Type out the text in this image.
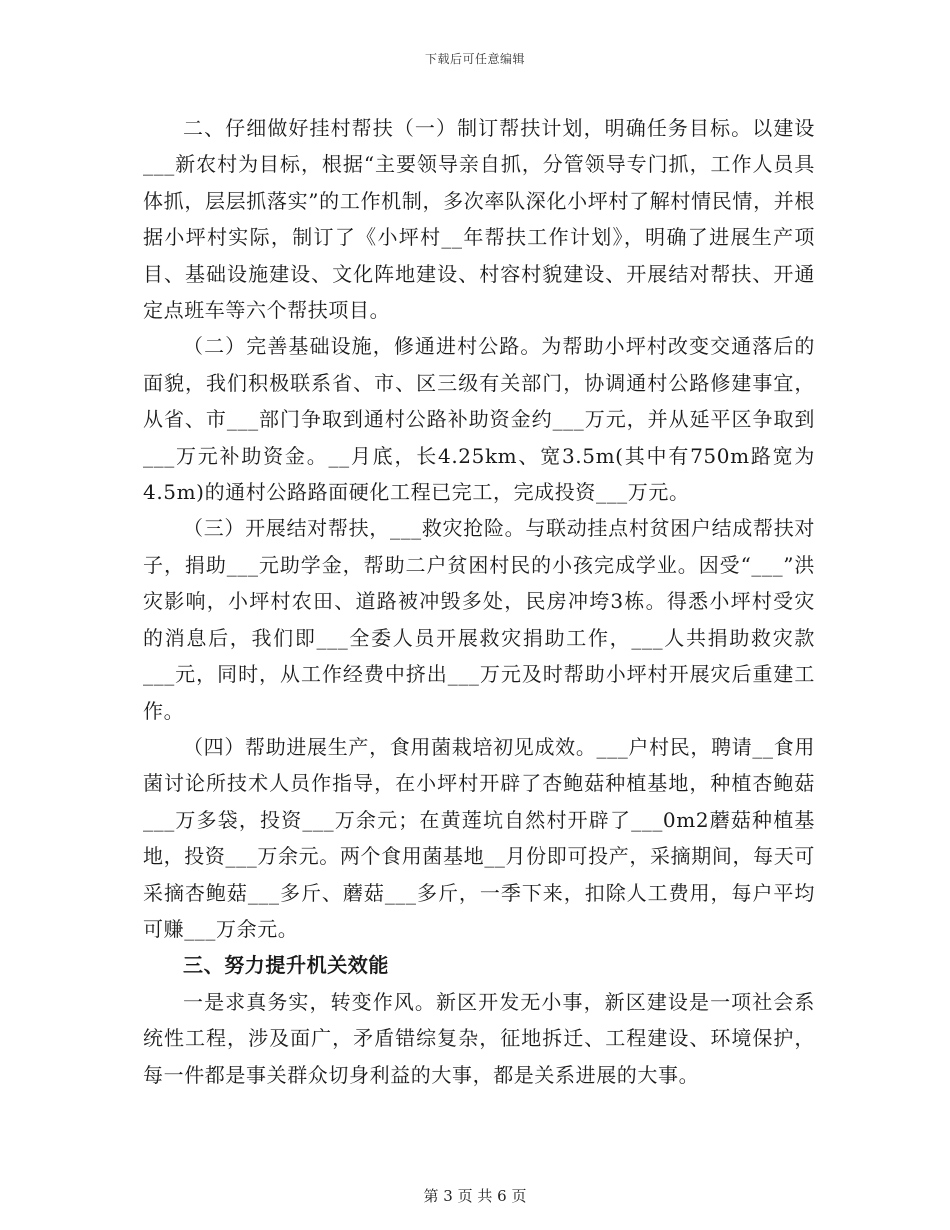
下载后可任意编辑

二、仔细做好挂村帮扶（一）制订帮扶计划，明确任务目标。以建设___新农村为目标，根据“主要领导亲自抓，分管领导专门抓，工作人员具体抓，层层抓落实”的工作机制，多次率队深化小坪村了解村情民情，并根据小坪村实际，制订了《小坪村__年帮扶工作计划》，明确了进展生产项目、基础设施建设、文化阵地建设、村容村貌建设、开展结对帮扶、开通定点班车等六个帮扶项目。

（二）完善基础设施，修通进村公路。为帮助小坪村改变交通落后的面貌，我们积极联系省、市、区三级有关部门，协调通村公路修建事宜，从省、市___部门争取到通村公路补助资金约___万元，并从延平区争取到___万元补助资金。__月底，长4.25km、宽3.5m(其中有750m路宽为4.5m)的通村公路路面硬化工程已完工，完成投资___万元。

（三）开展结对帮扶，___救灾抢险。与联动挂点村贫困户结成帮扶对子，捐助___元助学金，帮助二户贫困村民的小孩完成学业。因受“___”洪灾影响，小坪村农田、道路被冲毁多处，民房冲垮3栋。得悉小坪村受灾的消息后，我们即___全委人员开展救灾捐助工作，___人共捐助救灾款___元，同时，从工作经费中挤出___万元及时帮助小坪村开展灾后重建工作。

（四）帮助进展生产，食用菌栽培初见成效。___户村民，聘请__食用菌讨论所技术人员作指导，在小坪村开辟了杏鲍菇种植基地，种植杏鲍菇___万多袋，投资___万余元；在黄莲坑自然村开辟了___0m2蘑菇种植基地，投资___万余元。两个食用菌基地__月份即可投产，采摘期间，每天可采摘杏鲍菇___多斤、蘑菇___多斤，一季下来，扣除人工费用，每户平均可赚___万余元。

三、努力提升机关效能

一是求真务实，转变作风。新区开发无小事，新区建设是一项社会系统性工程，涉及面广，矛盾错综复杂，征地拆迁、工程建设、环境保护，每一件都是事关群众切身利益的大事，都是关系进展的大事。

第 3 页 共 6 页
